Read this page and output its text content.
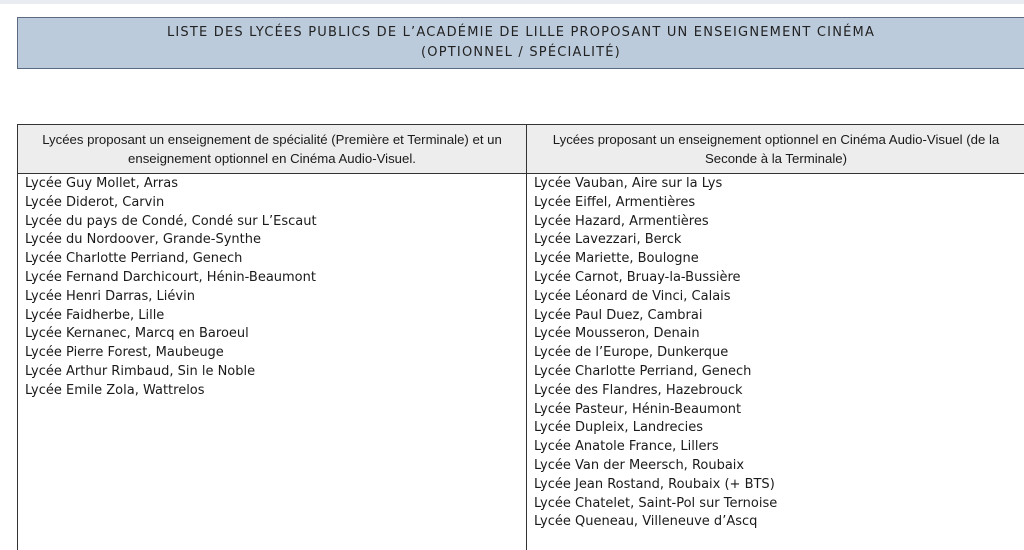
LISTE DES LYCÉES PUBLICS DE L’ACADÉMIE DE LILLE PROPOSANT UN ENSEIGNEMENT CINÉMA
(OPTIONNEL / SPÉCIALITÉ)
Lycées proposant un enseignement de spécialité (Première et Terminale) et un enseignement optionnel en Cinéma Audio-Visuel.
Lycées proposant un enseignement optionnel en Cinéma Audio-Visuel (de la Seconde à la Terminale)
Lycée Guy Mollet, Arras
Lycée Diderot, Carvin
Lycée du pays de Condé, Condé sur L’Escaut
Lycée du Nordoover, Grande-Synthe
Lycée Charlotte Perriand, Genech
Lycée Fernand Darchicourt, Hénin-Beaumont
Lycée Henri Darras, Liévin
Lycée Faidherbe, Lille
Lycée Kernanec, Marcq en Baroeul
Lycée Pierre Forest, Maubeuge
Lycée Arthur Rimbaud, Sin le Noble
Lycée Emile Zola, Wattrelos
Lycée Vauban, Aire sur la Lys
Lycée Eiffel, Armentières
Lycée Hazard, Armentières
Lycée Lavezzari, Berck
Lycée Mariette, Boulogne
Lycée Carnot, Bruay-la-Bussière
Lycée Léonard de Vinci, Calais
Lycée Paul Duez, Cambrai
Lycée Mousseron, Denain
Lycée de l’Europe, Dunkerque
Lycée Charlotte Perriand, Genech
Lycée des Flandres, Hazebrouck
Lycée Pasteur, Hénin-Beaumont
Lycée Dupleix, Landrecies
Lycée Anatole France, Lillers
Lycée Van der Meersch, Roubaix
Lycée Jean Rostand, Roubaix (+ BTS)
Lycée Chatelet, Saint-Pol sur Ternoise
Lycée Queneau, Villeneuve d’Ascq
